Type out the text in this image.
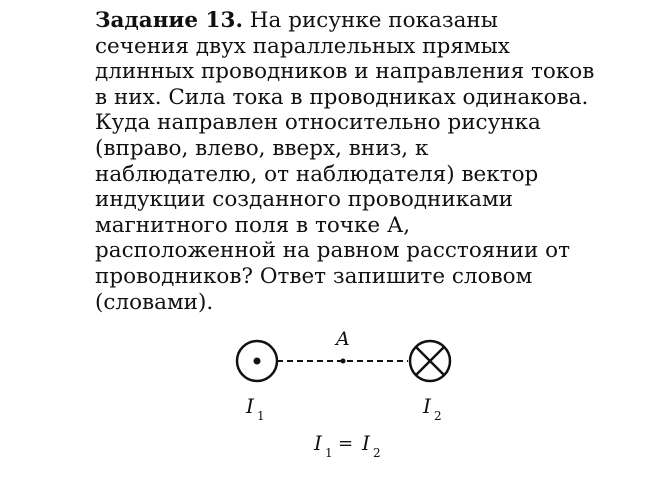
Задание 13. На рисунке показаны сечения двух параллельных прямых длинных проводников и направления токов в них. Сила тока в проводниках одинакова. Куда направлен относительно рисунка (вправо, влево, вверх, вниз, к наблюдателю, от наблюдателя) вектор индукции созданного проводниками магнитного поля в точке А, расположенной на равном расстоянии от проводников? Ответ запишите словом (словами).

A
I 1	I 2
I 1 = I 2
